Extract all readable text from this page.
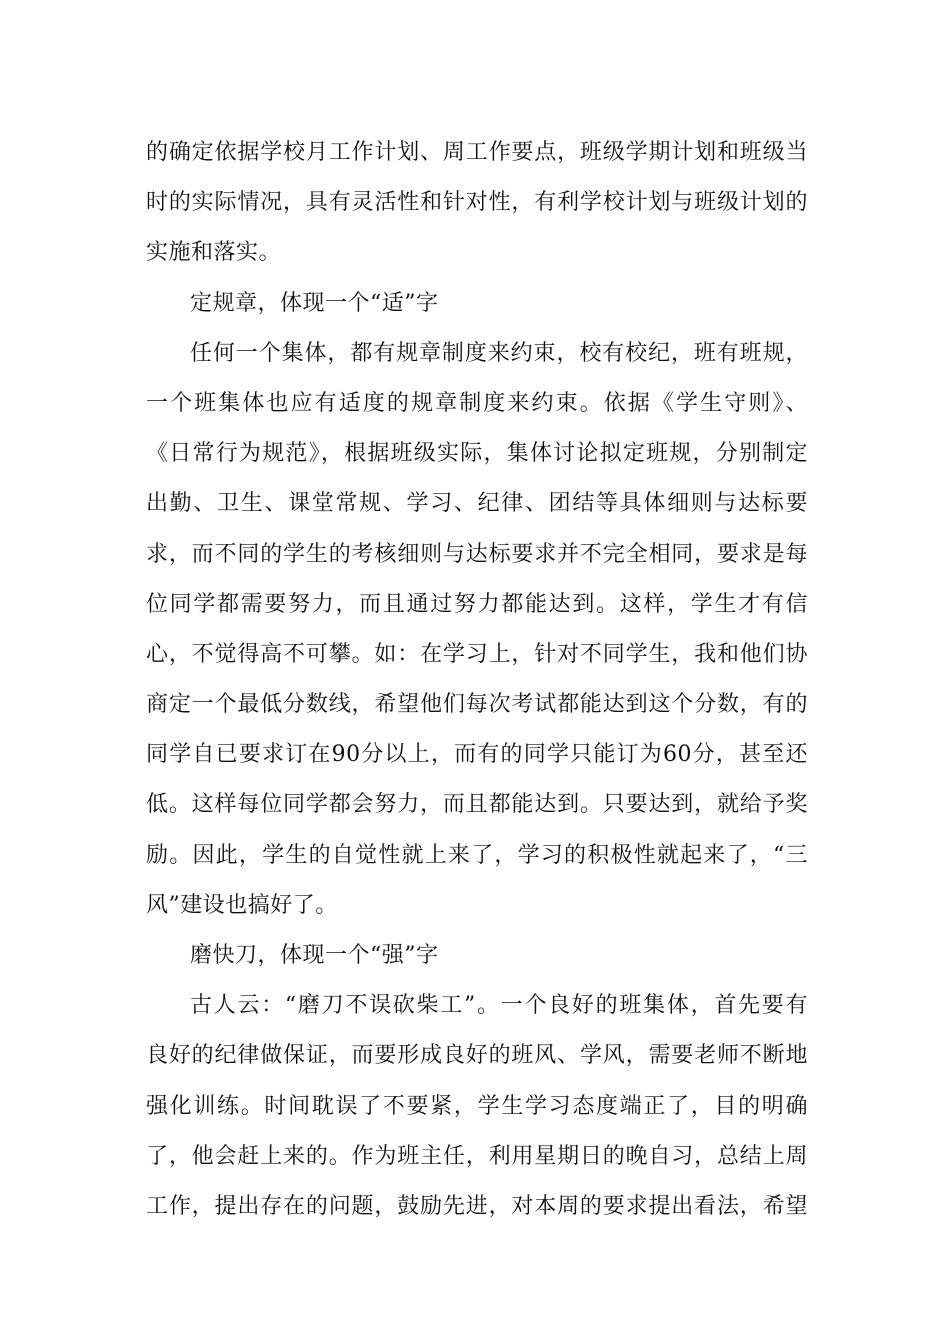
的确定依据学校月工作计划、周工作要点，班级学期计划和班级当
时的实际情况，具有灵活性和针对性，有利学校计划与班级计划的
实施和落实。
定规章，体现一个“适”字
任何一个集体，都有规章制度来约束，校有校纪，班有班规，
一个班集体也应有适度的规章制度来约束。依据《学生守则》、
《日常行为规范》，根据班级实际，集体讨论拟定班规，分别制定
出勤、卫生、课堂常规、学习、纪律、团结等具体细则与达标要
求，而不同的学生的考核细则与达标要求并不完全相同，要求是每
位同学都需要努力，而且通过努力都能达到。这样，学生才有信
心，不觉得高不可攀。如：在学习上，针对不同学生，我和他们协
商定一个最低分数线，希望他们每次考试都能达到这个分数，有的
同学自已要求订在90分以上，而有的同学只能订为60分，甚至还
低。这样每位同学都会努力，而且都能达到。只要达到，就给予奖
励。因此，学生的自觉性就上来了，学习的积极性就起来了，“三
风”建设也搞好了。
磨快刀，体现一个“强”字
古人云：“磨刀不误砍柴工”。一个良好的班集体，首先要有
良好的纪律做保证，而要形成良好的班风、学风，需要老师不断地
强化训练。时间耽误了不要紧，学生学习态度端正了，目的明确
了，他会赶上来的。作为班主任，利用星期日的晚自习，总结上周
工作，提出存在的问题，鼓励先进，对本周的要求提出看法，希望
